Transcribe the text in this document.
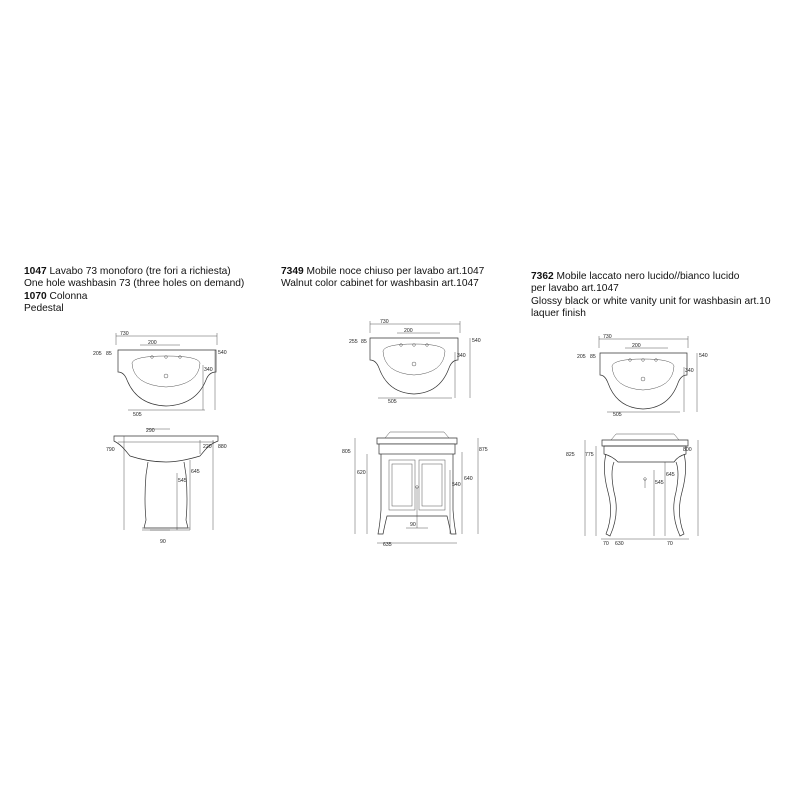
1047 Lavabo 73 monoforo (tre fori a richiesta)
One hole washbasin 73 (three holes on demand)
1070 Colonna
Pedestal
7349 Mobile noce chiuso per lavabo art.1047
Walnut color cabinet for washbasin art.1047
7362 Mobile laccato nero lucido//bianco lucido
per lavabo art.1047
Glossy black or white vanity unit for washbasin art.10
laquer finish
730
200
205 85	540
340
505
290
790	220 880
645
545
90
730
200
255 85	540
340
505
90
805
620
875
640
540
635
730
200
205 85	540
340
505
825 775
800
645
545
70 630	70
